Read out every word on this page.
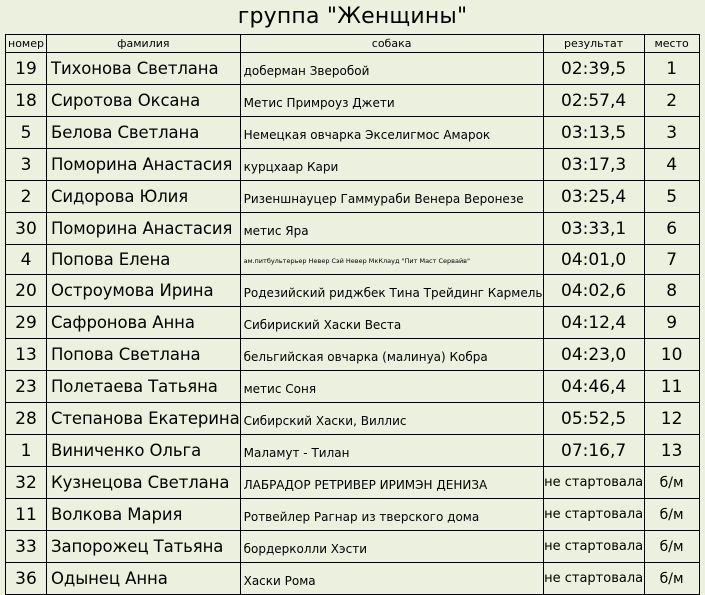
группа "Женщины"
номер	фамилия	собака	результат	место
19	Тихонова Светлана	доберман Зверобой	02:39,5	1
18	Сиротова Оксана	Метис Примроуз Джети	02:57,4	2
5	Белова Светлана	Немецкая овчарка Экселигмос Амарок	03:13,5	3
3	Поморина Анастасия	курцхаар Кари	03:17,3	4
2	Сидорова Юлия	Ризеншнауцер Гаммураби Венера Веронезе	03:25,4	5
30	Поморина Анастасия	метис Яра	03:33,1	6
4	Попова Елена	ам.питбультерьер Невер Сэй Невер МкКлауд "Пит Маст Сервайв"	04:01,0	7
20	Остроумова Ирина	Родезийский риджбек Тина Трейдинг Кармель	04:02,6	8
29	Сафронова Анна	Сибириский Хаски Веста	04:12,4	9
13	Попова Светлана	бельгийская овчарка (малинуа) Кобра	04:23,0	10
23	Полетаева Татьяна	метис Соня	04:46,4	11
28	Степанова Екатерина	Сибирский Хаски, Виллис	05:52,5	12
1	Виниченко Ольга	Маламут - Тилан	07:16,7	13
32	Кузнецова Светлана	ЛАБРАДОР РЕТРИВЕР ИРИМЭН ДЕНИЗА	не стартовала	б/м
11	Волкова Мария	Ротвейлер Рагнар из тверского дома	не стартовала	б/м
33	Запорожец Татьяна	бордерколли Хэсти	не стартовала	б/м
36	Одынец Анна	Хаски Рома	не стартовала	б/м
